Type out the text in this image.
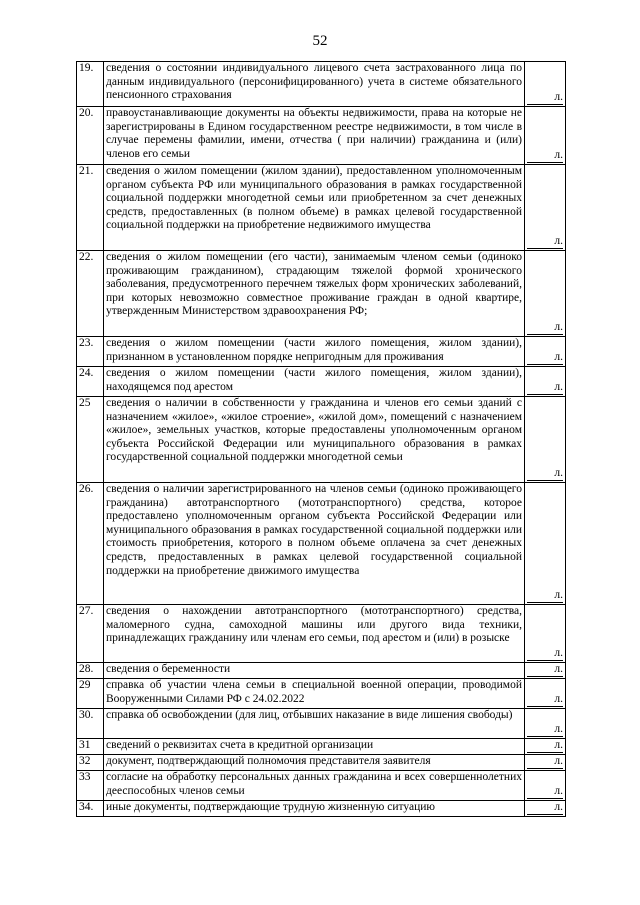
52
19.	сведения о состоянии индивидуального лицевого счета застрахованного лица по данным индивидуального (персонифицированного) учета в системе обязательного пенсионного страхования	л.

20.	правоустанавливающие документы на объекты недвижимости, права на которые не зарегистрированы в Едином государственном реестре недвижимости, в том числе в случае перемены фамилии, имени, отчества ( при наличии) гражданина и (или) членов его семьи	л.

21.	сведения о жилом помещении (жилом здании), предоставленном уполномоченным органом субъекта РФ или муниципального образования в рамках государственной социальной поддержки многодетной семьи или приобретенном за счет денежных средств, предоставленных (в полном объеме) в рамках целевой государственной социальной поддержки на приобретение недвижимого имущества	л.

22.	сведения о жилом помещении (его части), занимаемым членом семьи (одиноко проживающим гражданином), страдающим тяжелой формой хронического заболевания, предусмотренного перечнем тяжелых форм хронических заболеваний, при которых невозможно совместное проживание граждан в одной квартире, утвержденным Министерством здравоохранения РФ;	л.

23.	сведения о жилом помещении (части жилого помещения, жилом здании), признанном в установленном порядке непригодным для проживания	л.

24.	сведения о жилом помещении (части жилого помещения, жилом здании), находящемся под арестом	л.

25	сведения о наличии в собственности у гражданина и членов его семьи зданий с назначением «жилое», «жилое строение», «жилой дом», помещений с назначением «жилое», земельных участков, которые предоставлены уполномоченным органом субъекта Российской Федерации или муниципального образования в рамках государственной социальной поддержки многодетной семьи	л.

26.	сведения о наличии зарегистрированного на членов семьи (одиноко проживающего гражданина) автотранспортного (мототранспортного) средства, которое предоставлено уполномоченным органом субъекта Российской Федерации или муниципального образования в рамках государственной социальной поддержки или стоимость приобретения, которого в полном объеме оплачена за счет денежных средств, предоставленных в рамках целевой государственной социальной поддержки на приобретение движимого имущества	л.

27.	сведения о нахождении автотранспортного (мототранспортного) средства, маломерного судна, самоходной машины или другого вида техники, принадлежащих гражданину или членам его семьи, под арестом и (или) в розыске	л.

28.	сведения о беременности	л.

29	справка об участии члена семьи в специальной военной операции, проводимой Вооруженными Силами РФ с 24.02.2022	л.

30.	справка об освобождении (для лиц, отбывших наказание в виде лишения свободы)	л.

31	сведений о реквизитах счета в кредитной организации	л.

32	документ, подтверждающий полномочия представителя заявителя	л.

33	согласие на обработку персональных данных гражданина и всех совершеннолетних дееспособных членов семьи	л.

34.	иные документы, подтверждающие трудную жизненную ситуацию	л.
